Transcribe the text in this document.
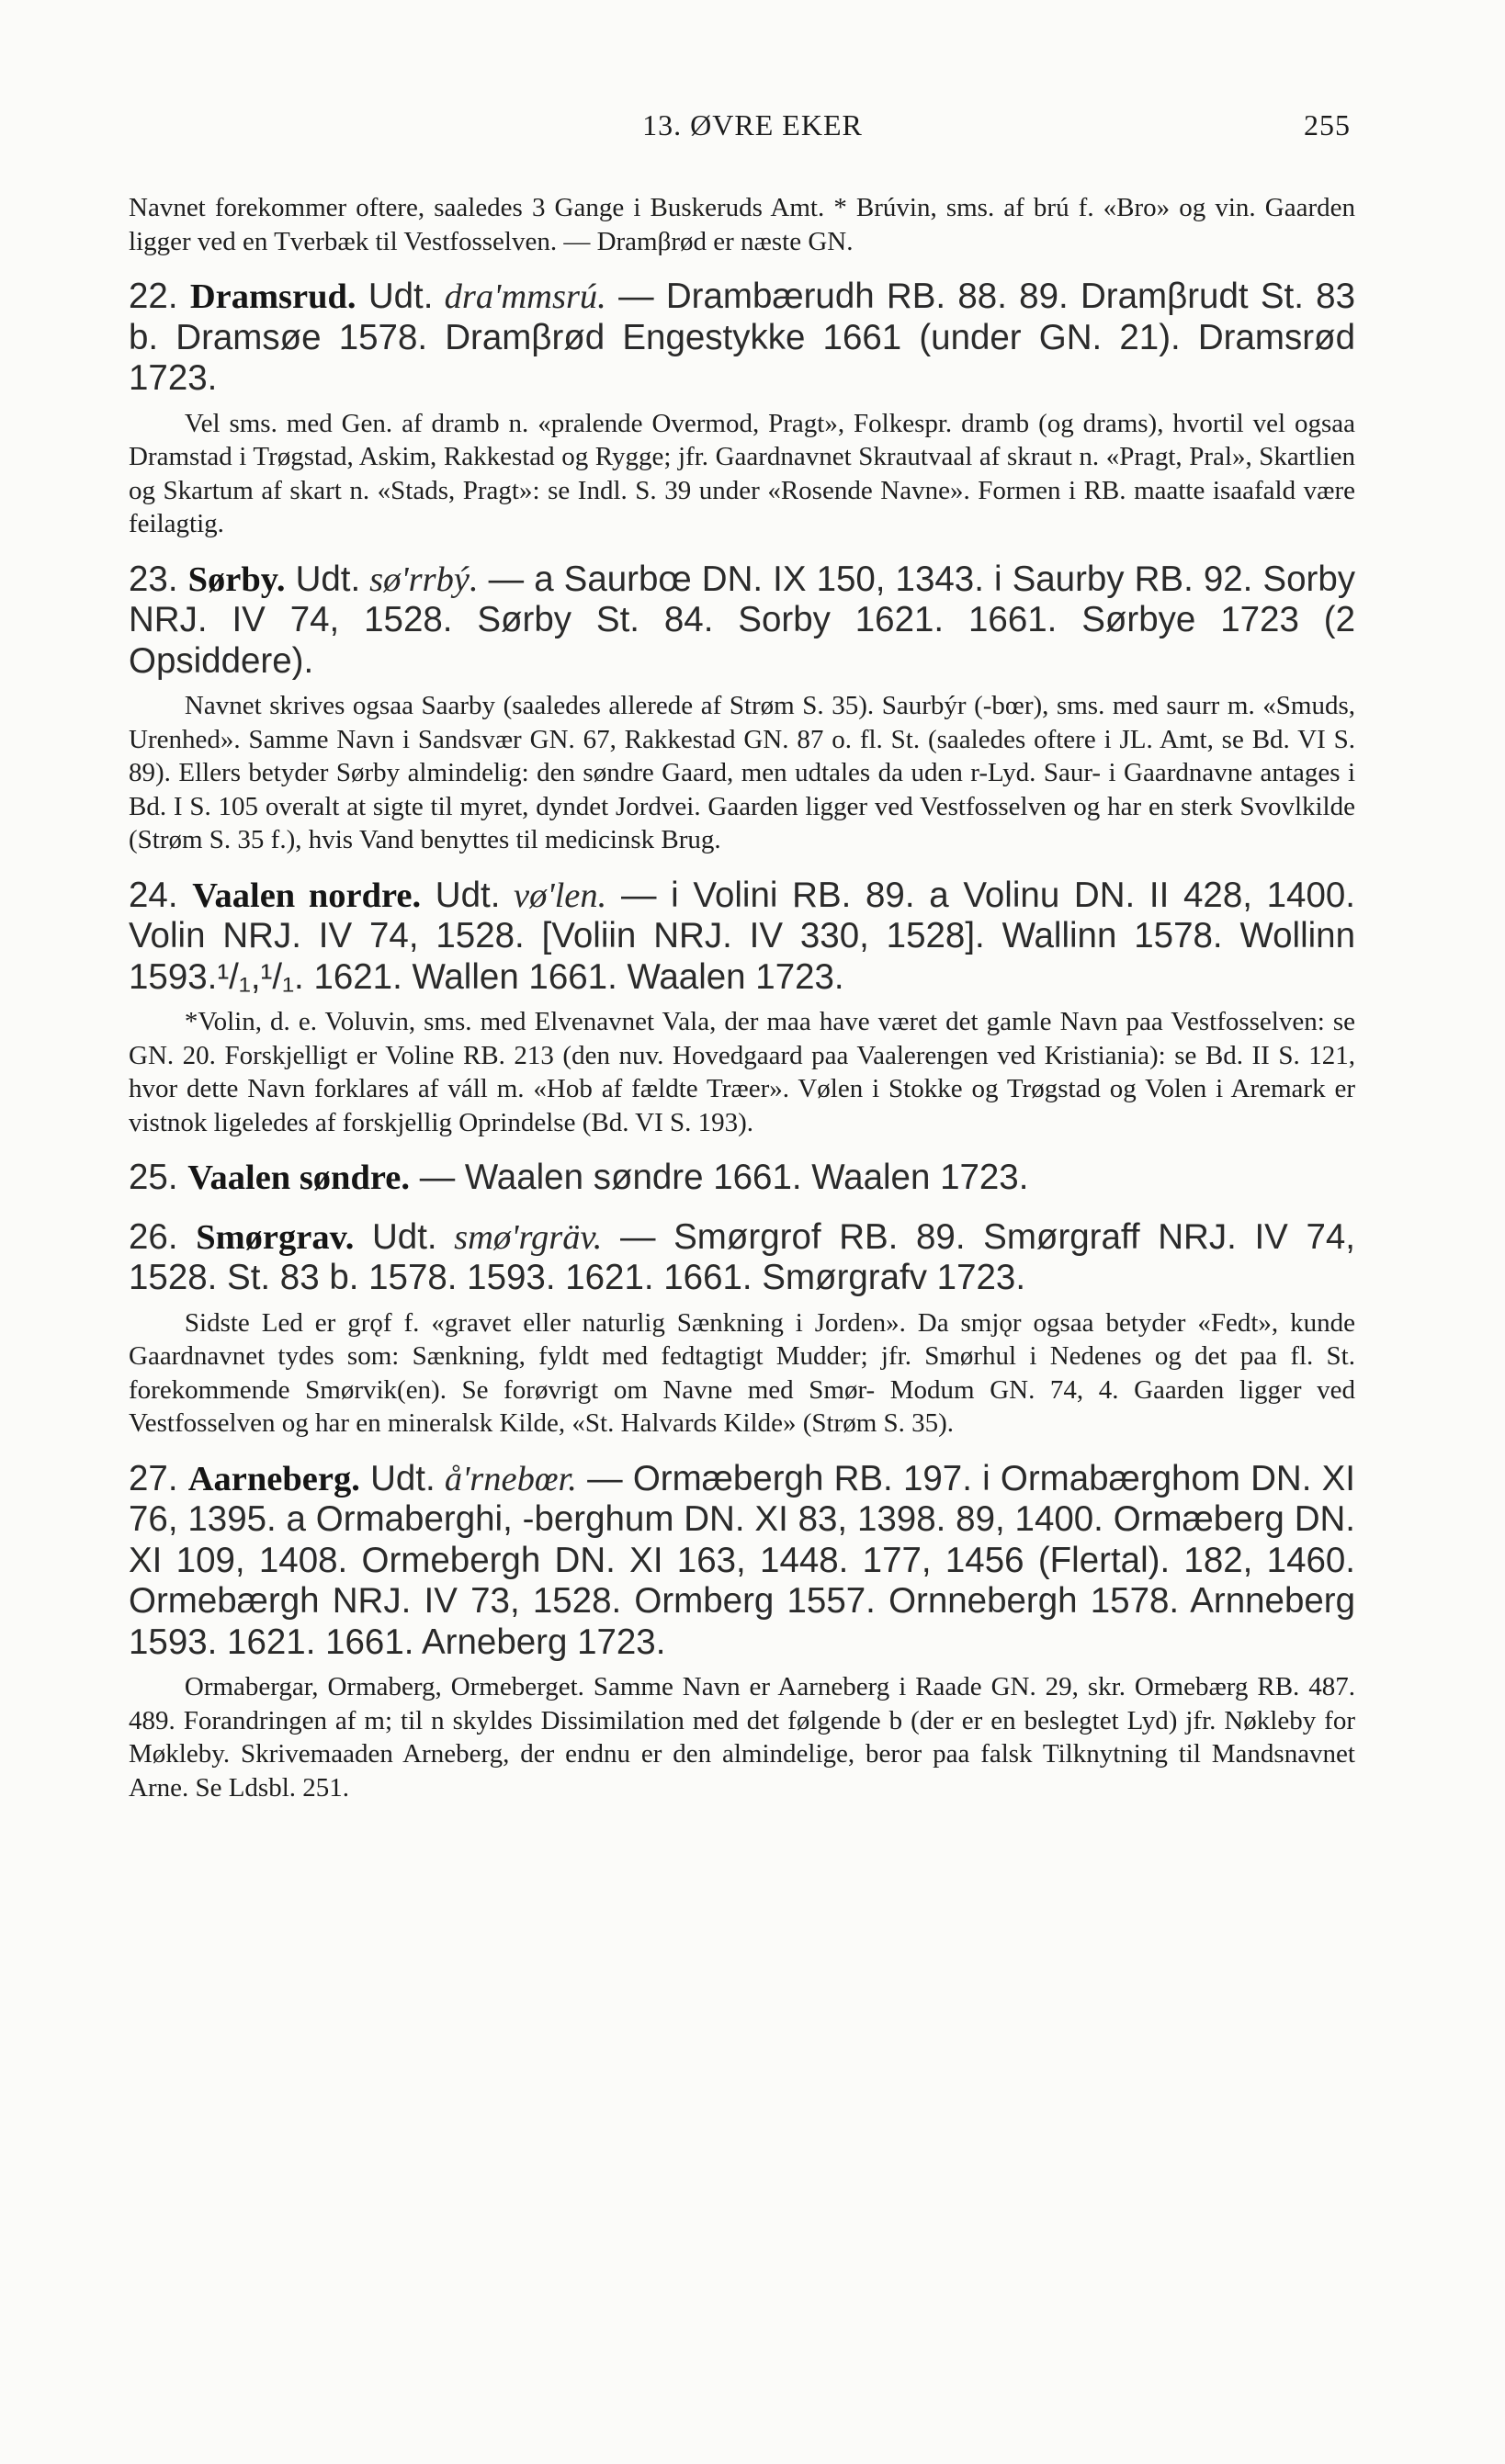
13. ØVRE EKER	255

Navnet forekommer oftere, saaledes 3 Gange i Buskeruds Amt. * Brúvin, sms. af brú f. «Bro» og vin. Gaarden ligger ved en Tverbæk til Vestfosselven. — Dramβrød er næste GN.

22. Dramsrud. Udt. dra'mmsrú. — Drambærudh RB. 88. 89. Dramβrudt St. 83 b. Dramsøe 1578. Dramβrød Engestykke 1661 (under GN. 21). Dramsrød 1723.

Vel sms. med Gen. af dramb n. «pralende Overmod, Pragt», Folkespr. dramb (og drams), hvortil vel ogsaa Dramstad i Trøgstad, Askim, Rakkestad og Rygge; jfr. Gaardnavnet Skrautvaal af skraut n. «Pragt, Pral», Skartlien og Skartum af skart n. «Stads, Pragt»: se Indl. S. 39 under «Rosende Navne». Formen i RB. maatte isaafald være feilagtig.

23. Sørby. Udt. sø'rrbý. — a Saurbœ DN. IX 150, 1343. i Saurby RB. 92. Sorby NRJ. IV 74, 1528. Sørby St. 84. Sorby 1621. 1661. Sørbye 1723 (2 Opsiddere).

Navnet skrives ogsaa Saarby (saaledes allerede af Strøm S. 35). Saurbýr (-bœr), sms. med saurr m. «Smuds, Urenhed». Samme Navn i Sandsvær GN. 67, Rakkestad GN. 87 o. fl. St. (saaledes oftere i JL. Amt, se Bd. VI S. 89). Ellers betyder Sørby almindelig: den søndre Gaard, men udtales da uden r-Lyd. Saur- i Gaardnavne antages i Bd. I S. 105 overalt at sigte til myret, dyndet Jordvei. Gaarden ligger ved Vestfosselven og har en sterk Svovlkilde (Strøm S. 35 f.), hvis Vand benyttes til medicinsk Brug.

24. Vaalen nordre. Udt. vø'len. — i Volini RB. 89. a Volinu DN. II 428, 1400. Volin NRJ. IV 74, 1528. [Voliin NRJ. IV 330, 1528]. Wallinn 1578. Wollinn 1593.¹/₁,¹/₁. 1621. Wallen 1661. Waalen 1723.

*Volin, d. e. Voluvin, sms. med Elvenavnet Vala, der maa have været det gamle Navn paa Vestfosselven: se GN. 20. Forskjelligt er Voline RB. 213 (den nuv. Hovedgaard paa Vaalerengen ved Kristiania): se Bd. II S. 121, hvor dette Navn forklares af váll m. «Hob af fældte Træer». Vølen i Stokke og Trøgstad og Volen i Aremark er vistnok ligeledes af forskjellig Oprindelse (Bd. VI S. 193).

25. Vaalen søndre. — Waalen søndre 1661. Waalen 1723.

26. Smørgrav. Udt. smø'rgräv. — Smørgrof RB. 89. Smørgraff NRJ. IV 74, 1528. St. 83 b. 1578. 1593. 1621. 1661. Smørgrafv 1723.

Sidste Led er grǫf f. «gravet eller naturlig Sænkning i Jorden». Da smjǫr ogsaa betyder «Fedt», kunde Gaardnavnet tydes som: Sænkning, fyldt med fedtagtigt Mudder; jfr. Smørhul i Nedenes og det paa fl. St. forekommende Smørvik(en). Se forøvrigt om Navne med Smør- Modum GN. 74, 4. Gaarden ligger ved Vestfosselven og har en mineralsk Kilde, «St. Halvards Kilde» (Strøm S. 35).

27. Aarneberg. Udt. å'rnebœr. — Ormæbergh RB. 197. i Ormabærghom DN. XI 76, 1395. a Ormaberghi, -berghum DN. XI 83, 1398. 89, 1400. Ormæberg DN. XI 109, 1408. Ormebergh DN. XI 163, 1448. 177, 1456 (Flertal). 182, 1460. Ormebærgh NRJ. IV 73, 1528. Ormberg 1557. Ornnebergh 1578. Arnneberg 1593. 1621. 1661. Arneberg 1723.

Ormabergar, Ormaberg, Ormeberget. Samme Navn er Aarneberg i Raade GN. 29, skr. Ormebærg RB. 487. 489. Forandringen af m; til n skyldes Dissimilation med det følgende b (der er en beslegtet Lyd) jfr. Nøkleby for Møkleby. Skrivemaaden Arneberg, der endnu er den almindelige, beror paa falsk Tilknytning til Mandsnavnet Arne. Se Ldsbl. 251.
